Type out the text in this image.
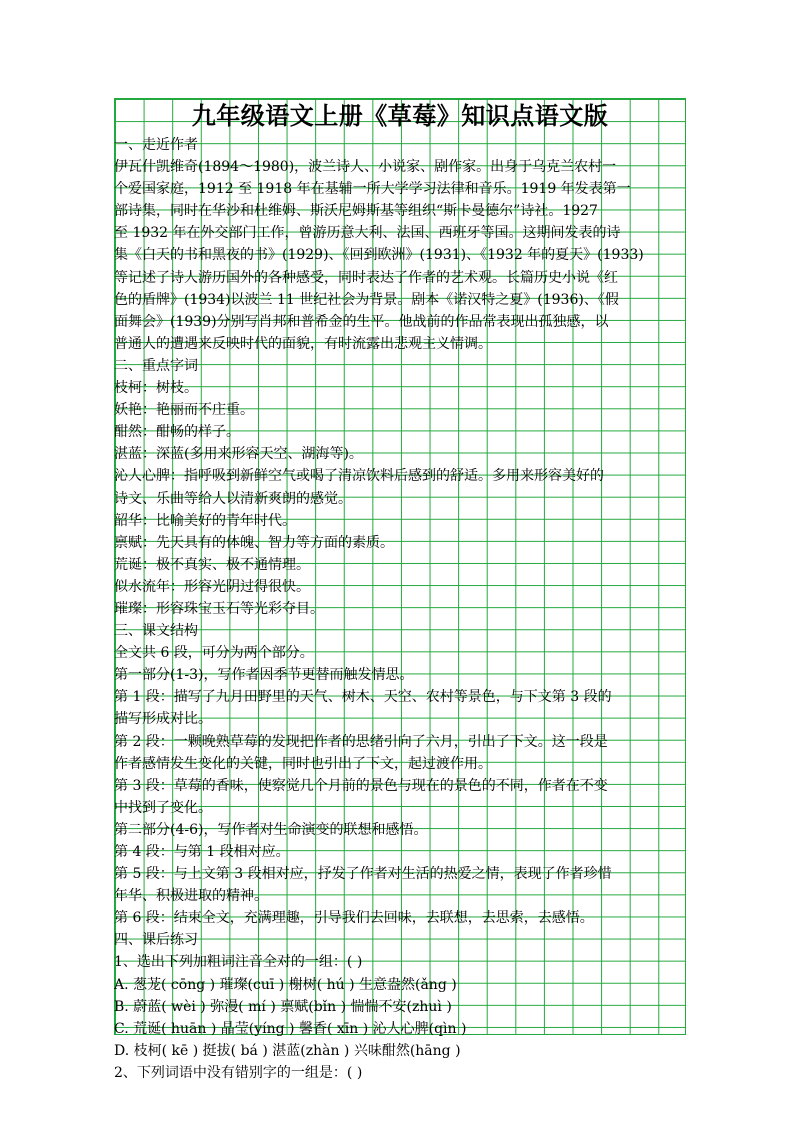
九年级语文上册《草莓》知识点语文版

一、走近作者

伊瓦什凯维奇(1894～1980)，波兰诗人、小说家、剧作家。出身于乌克兰农村一

个爱国家庭，1912 至 1918 年在基辅一所大学学习法律和音乐。1919 年发表第一

部诗集，同时在华沙和杜维姆、斯沃尼姆斯基等组织“斯卡曼德尔”诗社。1927

至 1932 年在外交部门工作，曾游历意大利、法国、西班牙等国。这期间发表的诗

集《白天的书和黑夜的书》(1929)、《回到欧洲》(1931)、《1932 年的夏天》(1933)

等记述了诗人游历国外的各种感受，同时表达了作者的艺术观。长篇历史小说《红

色的盾牌》(1934)以波兰 11 世纪社会为背景。剧本《诺汉特之夏》(1936)、《假

面舞会》(1939)分别写肖邦和普希金的生平。他战前的作品常表现出孤独感，以

普通人的遭遇来反映时代的面貌，有时流露出悲观主义情调。

二、重点字词

枝柯：树枝。

妖艳：艳丽而不庄重。

酣然：酣畅的样子。

湛蓝：深蓝(多用来形容天空、湖海等)。

沁人心脾：指呼吸到新鲜空气或喝了清凉饮料后感到的舒适。多用来形容美好的

诗文、乐曲等给人以清新爽朗的感觉。

韶华：比喻美好的青年时代。

禀赋：先天具有的体魄、智力等方面的素质。

荒诞：极不真实、极不通情理。

似水流年：形容光阴过得很快。

璀璨：形容珠宝玉石等光彩夺目。

三、课文结构

全文共 6 段，可分为两个部分。

第一部分(1-3)，写作者因季节更替而触发情思。

第 1 段：描写了九月田野里的天气、树木、天空、农村等景色，与下文第 3 段的

描写形成对比。

第 2 段：一颗晚熟草莓的发现把作者的思绪引向了六月，引出了下文。这一段是

作者感情发生变化的关键，同时也引出了下文，起过渡作用。

第 3 段：草莓的香味，使察觉几个月前的景色与现在的景色的不同，作者在不变

中找到了变化。

第二部分(4-6)，写作者对生命演变的联想和感悟。

第 4 段：与第 1 段相对应。

第 5 段：与上文第 3 段相对应，抒发了作者对生活的热爱之情，表现了作者珍惜

年华、积极进取的精神。

第 6 段：结束全文，充满理趣，引导我们去回味，去联想，去思索，去感悟。

四、课后练习

1、选出下列加粗词注音全对的一组：( )

A. 葱茏( cōng ) 璀璨(cuī ) 榭树( hú ) 生意盎然(ǎng )

B. 蔚蓝( wèi ) 弥漫( mí ) 禀赋(bǐn ) 惴惴不安(zhuì )

C. 荒诞( huān ) 晶莹(yíng ) 馨香( xīn ) 沁人心脾(qìn )

D. 枝柯( kē ) 挺拔( bá ) 湛蓝(zhàn ) 兴味酣然(hāng )

2、下列词语中没有错别字的一组是：( )
